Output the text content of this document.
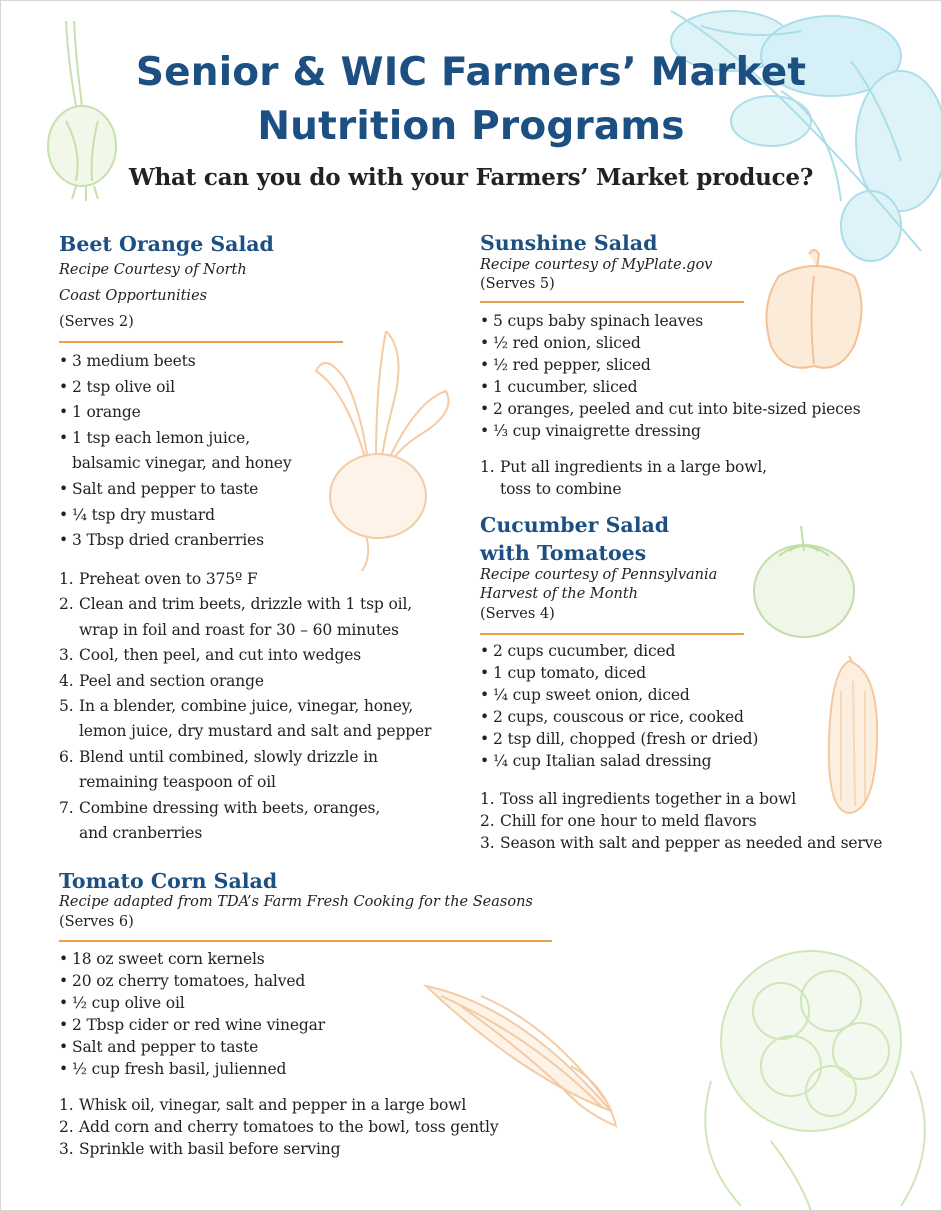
Senior & WIC Farmers’ Market
Nutrition Programs
What can you do with your Farmers’ Market produce?
Beet Orange Salad
Recipe Courtesy of North
Coast Opportunities
(Serves 2)
• 3 medium beets
• 2 tsp olive oil
• 1 orange
• 1 tsp each lemon juice,
balsamic vinegar, and honey
• Salt and pepper to taste
• ¼ tsp dry mustard
• 3 Tbsp dried cranberries
1. Preheat oven to 375º F
2. Clean and trim beets, drizzle with 1 tsp oil,
wrap in foil and roast for 30 – 60 minutes
3. Cool, then peel, and cut into wedges
4. Peel and section orange
5. In a blender, combine juice, vinegar, honey,
lemon juice, dry mustard and salt and pepper
6. Blend until combined, slowly drizzle in
remaining teaspoon of oil
7. Combine dressing with beets, oranges,
and cranberries
Sunshine Salad
Recipe courtesy of MyPlate.gov
(Serves 5)
• 5 cups baby spinach leaves
• ½ red onion, sliced
• ½ red pepper, sliced
• 1 cucumber, sliced
• 2 oranges, peeled and cut into bite-sized pieces
• ⅓ cup vinaigrette dressing
1. Put all ingredients in a large bowl,
toss to combine
Cucumber Salad
with Tomatoes
Recipe courtesy of Pennsylvania
Harvest of the Month
(Serves 4)
• 2 cups cucumber, diced
• 1 cup tomato, diced
• ¼ cup sweet onion, diced
• 2 cups, couscous or rice, cooked
• 2 tsp dill, chopped (fresh or dried)
• ¼ cup Italian salad dressing
1. Toss all ingredients together in a bowl
2. Chill for one hour to meld flavors
3. Season with salt and pepper as needed and serve
Tomato Corn Salad
Recipe adapted from TDA’s Farm Fresh Cooking for the Seasons
(Serves 6)
• 18 oz sweet corn kernels
• 20 oz cherry tomatoes, halved
• ½ cup olive oil
• 2 Tbsp cider or red wine vinegar
• Salt and pepper to taste
• ½ cup fresh basil, julienned
1. Whisk oil, vinegar, salt and pepper in a large bowl
2. Add corn and cherry tomatoes to the bowl, toss gently
3. Sprinkle with basil before serving
